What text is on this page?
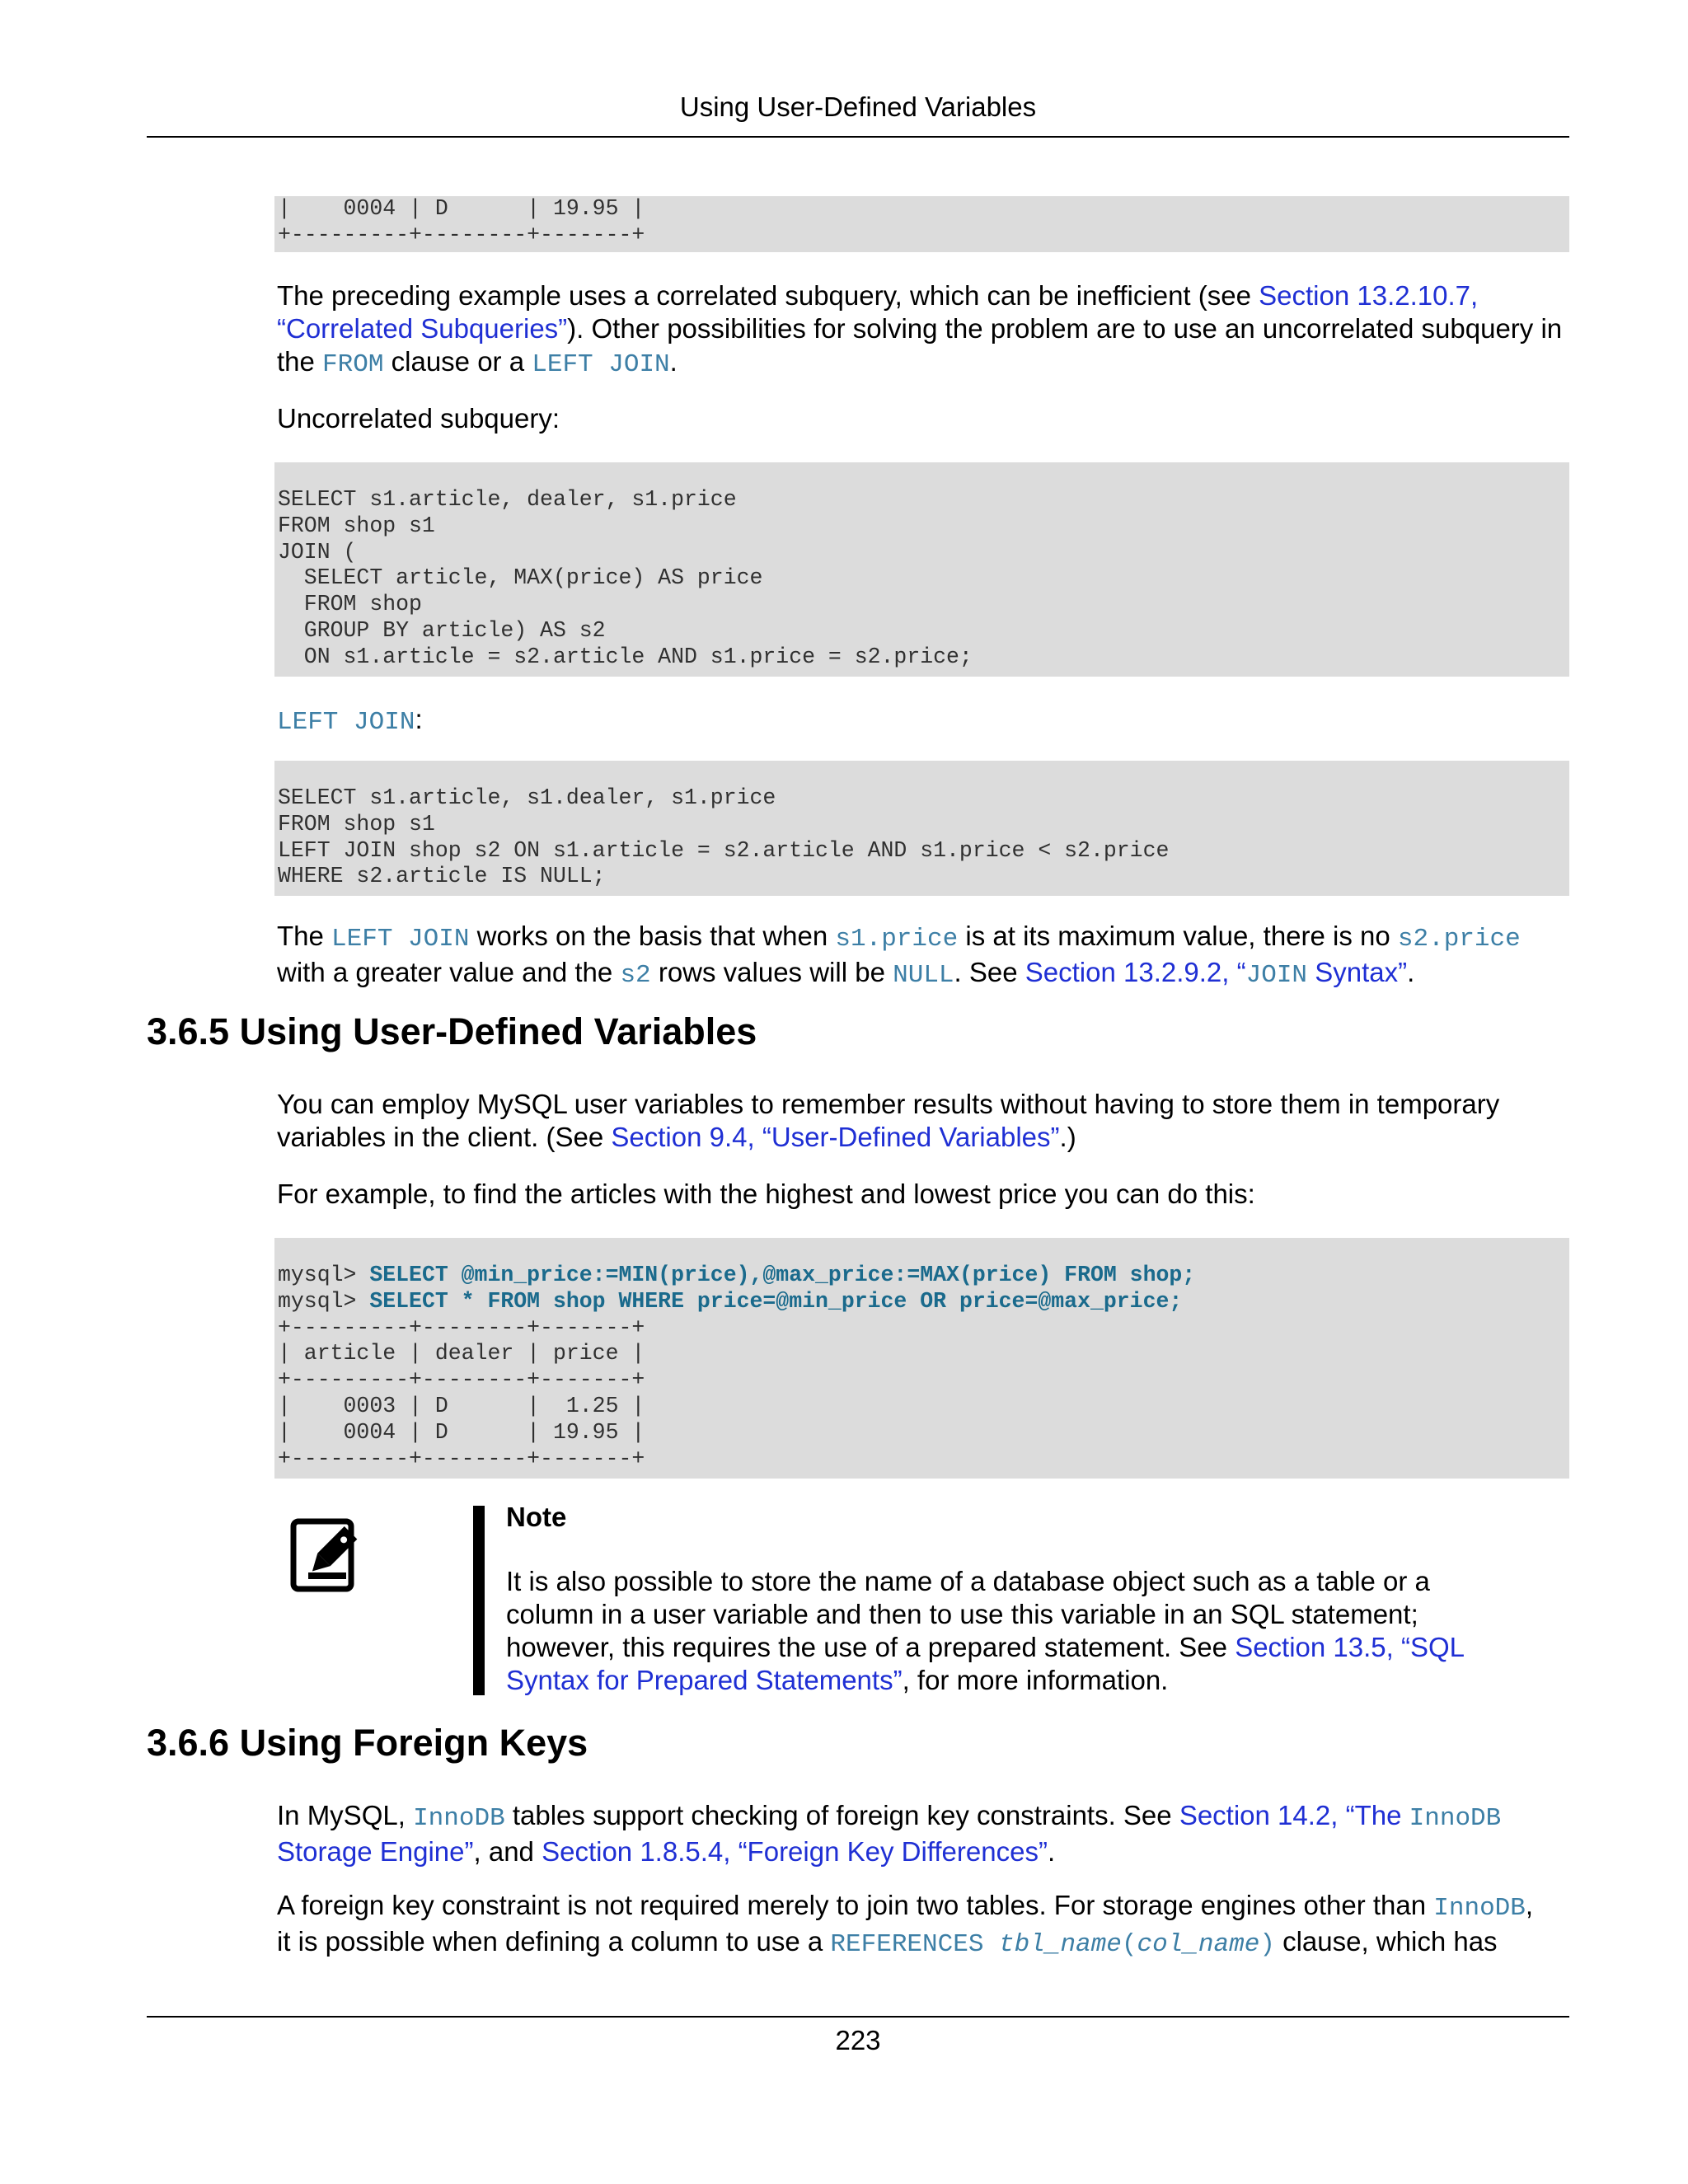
Using User-Defined Variables
|    0004 | D      | 19.95 |
+---------+--------+-------+

The preceding example uses a correlated subquery, which can be inefficient (see Section 13.2.10.7,
“Correlated Subqueries”). Other possibilities for solving the problem are to use an uncorrelated subquery in
the FROM clause or a LEFT JOIN.

Uncorrelated subquery:

SELECT s1.article, dealer, s1.price
FROM shop s1
JOIN (
SELECT article, MAX(price) AS price
FROM shop
GROUP BY article) AS s2
ON s1.article = s2.article AND s1.price = s2.price;

LEFT JOIN:

SELECT s1.article, s1.dealer, s1.price
FROM shop s1
LEFT JOIN shop s2 ON s1.article = s2.article AND s1.price < s2.price
WHERE s2.article IS NULL;

The LEFT JOIN works on the basis that when s1.price is at its maximum value, there is no s2.price
with a greater value and the s2 rows values will be NULL. See Section 13.2.9.2, “JOIN Syntax”.

3.6.5 Using User-Defined Variables

You can employ MySQL user variables to remember results without having to store them in temporary
variables in the client. (See Section 9.4, “User-Defined Variables”.)

For example, to find the articles with the highest and lowest price you can do this:

mysql> SELECT @min_price:=MIN(price),@max_price:=MAX(price) FROM shop;
mysql> SELECT * FROM shop WHERE price=@min_price OR price=@max_price;
+---------+--------+-------+
| article | dealer | price |
+---------+--------+-------+
|    0003 | D      |  1.25 |
|    0004 | D      | 19.95 |
+---------+--------+-------+

Note

It is also possible to store the name of a database object such as a table or a
column in a user variable and then to use this variable in an SQL statement;
however, this requires the use of a prepared statement. See Section 13.5, “SQL
Syntax for Prepared Statements”, for more information.

3.6.6 Using Foreign Keys

In MySQL, InnoDB tables support checking of foreign key constraints. See Section 14.2, “The InnoDB
Storage Engine”, and Section 1.8.5.4, “Foreign Key Differences”.

A foreign key constraint is not required merely to join two tables. For storage engines other than InnoDB,
it is possible when defining a column to use a REFERENCES tbl_name(col_name) clause, which has

223
